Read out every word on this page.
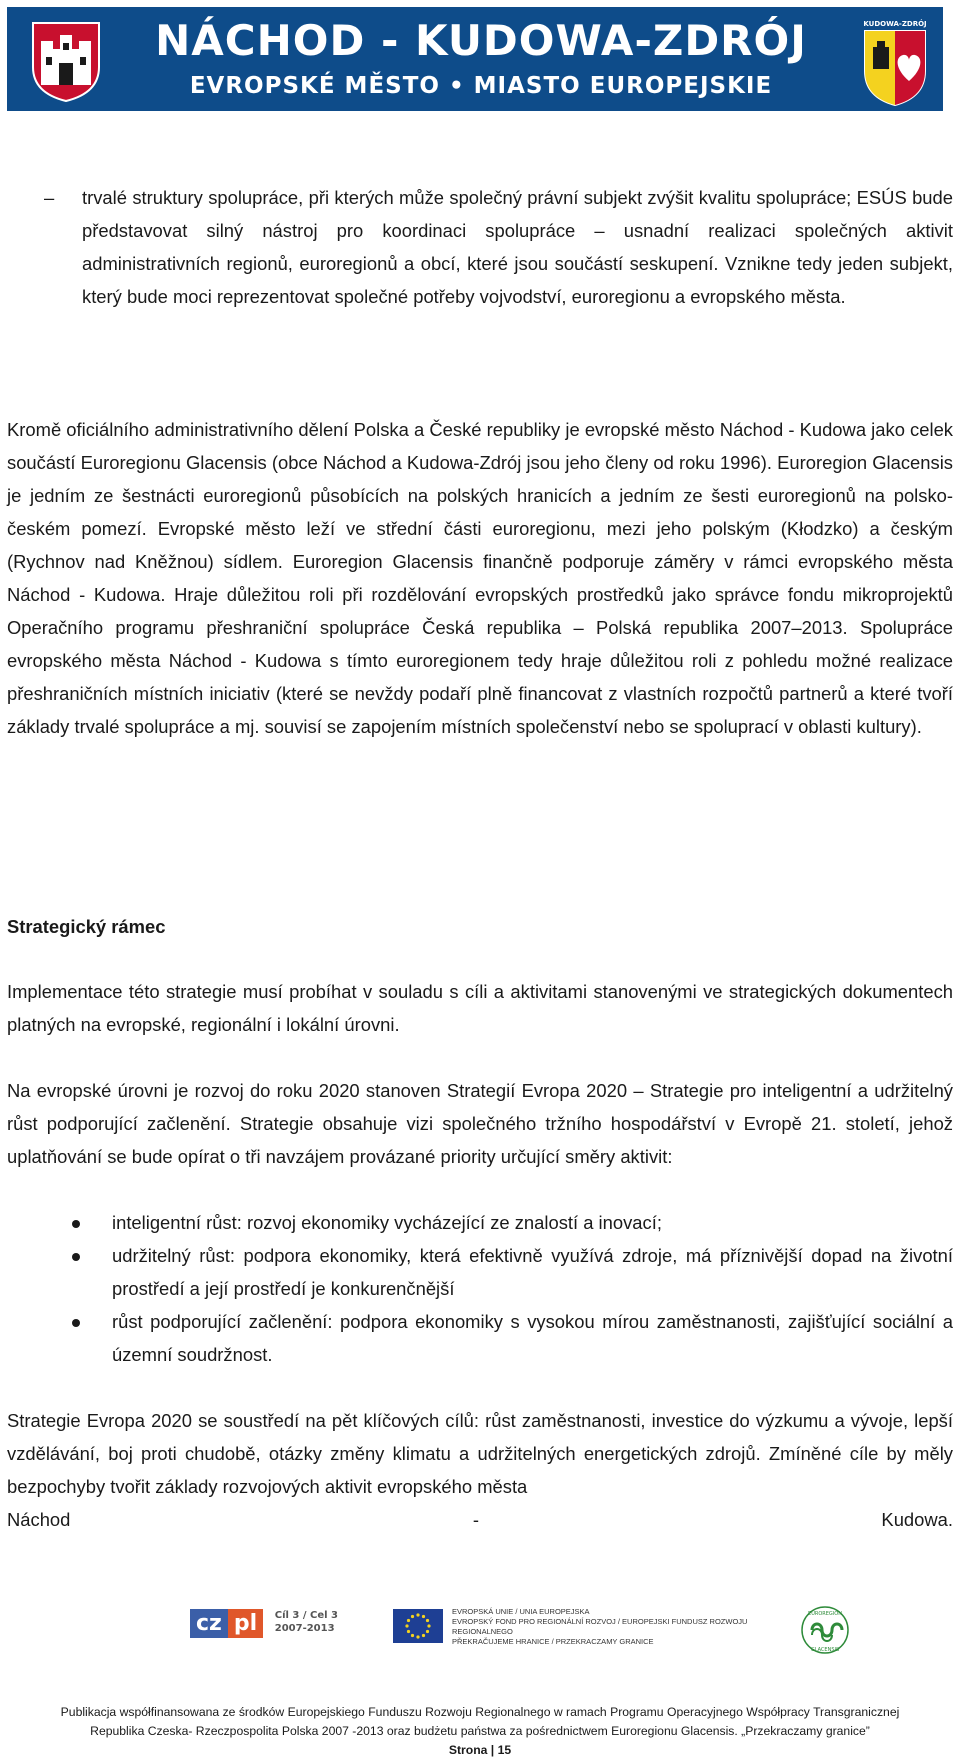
NÁCHOD - KUDOWA-ZDRÓJ
EVROPSKÉ MĚSTO • MIASTO EUROPEJSKIE
KUDOWA-ZDRÓJ
– trvalé struktury spolupráce, při kterých může společný právní subjekt zvýšit kvalitu spolupráce; ESÚS bude představovat silný nástroj pro koordinaci spolupráce – usnadní realizaci společných aktivit administrativních regionů, euroregionů a obcí, které jsou součástí seskupení. Vznikne tedy jeden subjekt, který bude moci reprezentovat společné potřeby vojvodství, euroregionu a evropského města.

Kromě oficiálního administrativního dělení Polska a České republiky je evropské město Náchod - Kudowa jako celek součástí Euroregionu Glacensis (obce Náchod a Kudowa-Zdrój jsou jeho členy od roku 1996). Euroregion Glacensis je jedním ze šestnácti euroregionů působících na polských hranicích a jedním ze šesti euroregionů na polsko-českém pomezí. Evropské město leží ve střední části euroregionu, mezi jeho polským (Kłodzko) a českým (Rychnov nad Kněžnou) sídlem. Euroregion Glacensis finančně podporuje záměry v rámci evropského města Náchod - Kudowa. Hraje důležitou roli při rozdělování evropských prostředků jako správce fondu mikroprojektů Operačního programu přeshraniční spolupráce Česká republika – Polská republika 2007–2013. Spolupráce evropského města Náchod - Kudowa s tímto euroregionem tedy hraje důležitou roli z pohledu možné realizace přeshraničních místních iniciativ (které se nevždy podaří plně financovat z vlastních rozpočtů partnerů a které tvoří základy trvalé spolupráce a mj. souvisí se zapojením místních společenství nebo se spoluprací v oblasti kultury).

Strategický rámec

Implementace této strategie musí probíhat v souladu s cíli a aktivitami stanovenými ve strategických dokumentech platných na evropské, regionální i lokální úrovni.

Na evropské úrovni je rozvoj do roku 2020 stanoven Strategií Evropa 2020 – Strategie pro inteligentní a udržitelný růst podporující začlenění. Strategie obsahuje vizi společného tržního hospodářství v Evropě 21. století, jehož uplatňování se bude opírat o tři navzájem provázané priority určující směry aktivit:

inteligentní růst: rozvoj ekonomiky vycházející ze znalostí a inovací;
udržitelný růst: podpora ekonomiky, která efektivně využívá zdroje, má příznivější dopad na životní prostředí a její prostředí je konkurenčnější
růst podporující začlenění: podpora ekonomiky s vysokou mírou zaměstnanosti, zajišťující sociální a územní soudržnost.

Strategie Evropa 2020 se soustředí na pět klíčových cílů: růst zaměstnanosti, investice do výzkumu a vývoje, lepší vzdělávání, boj proti chudobě, otázky změny klimatu a udržitelných energetických zdrojů. Zmíněné cíle by měly bezpochyby tvořit základy rozvojových aktivit evropského města

Náchod	-	Kudowa.
cz pl Cíl 3 / Cel 3
2007-2013
EVROPSKÁ UNIE / UNIA EUROPEJSKA
EVROPSKÝ FOND PRO REGIONÁLNÍ ROZVOJ / EUROPEJSKI FUNDUSZ ROZWOJU REGIONALNEGO
PŘEKRAČUJEME HRANICE / PRZEKRACZAMY GRANICE
EUROREGION
GLACENSIS
Publikacja współfinansowana ze środków Europejskiego Funduszu Rozwoju Regionalnego w ramach Programu Operacyjnego Współpracy Transgranicznej
Republika Czeska- Rzeczpospolita Polska 2007 -2013 oraz budżetu państwa za pośrednictwem Euroregionu Glacensis. „Przekraczamy granice”
Strona | 15
